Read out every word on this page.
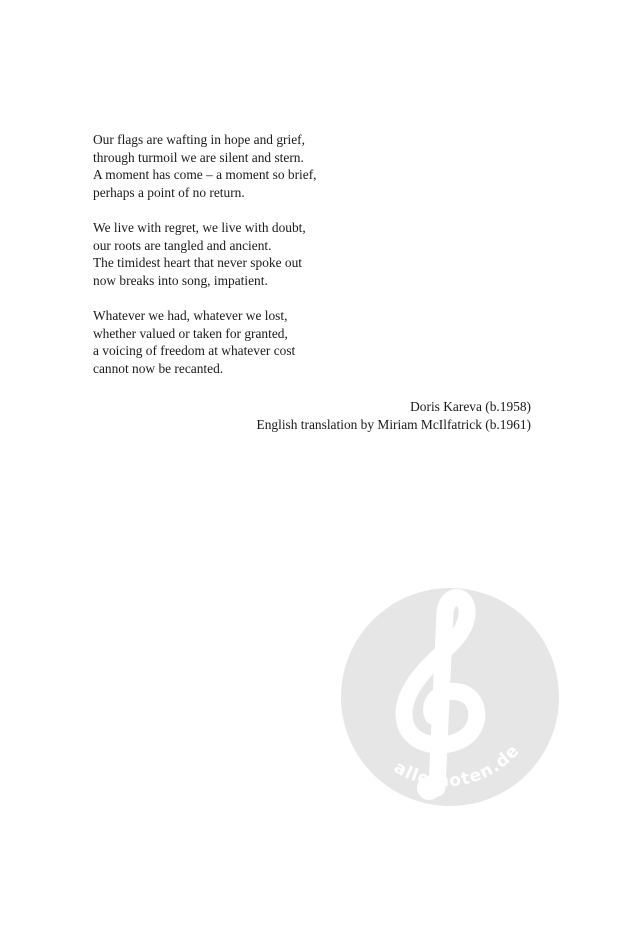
Our flags are wafting in hope and grief,
through turmoil we are silent and stern.
A moment has come – a moment so brief,
perhaps a point of no return.
We live with regret, we live with doubt,
our roots are tangled and ancient.
The timidest heart that never spoke out
now breaks into song, impatient.
Whatever we had, whatever we lost,
whether valued or taken for granted,
a voicing of freedom at whatever cost
cannot now be recanted.
Doris Kareva (b.1958)
English translation by Miriam McIlfatrick (b.1961)
alle-noten.de
